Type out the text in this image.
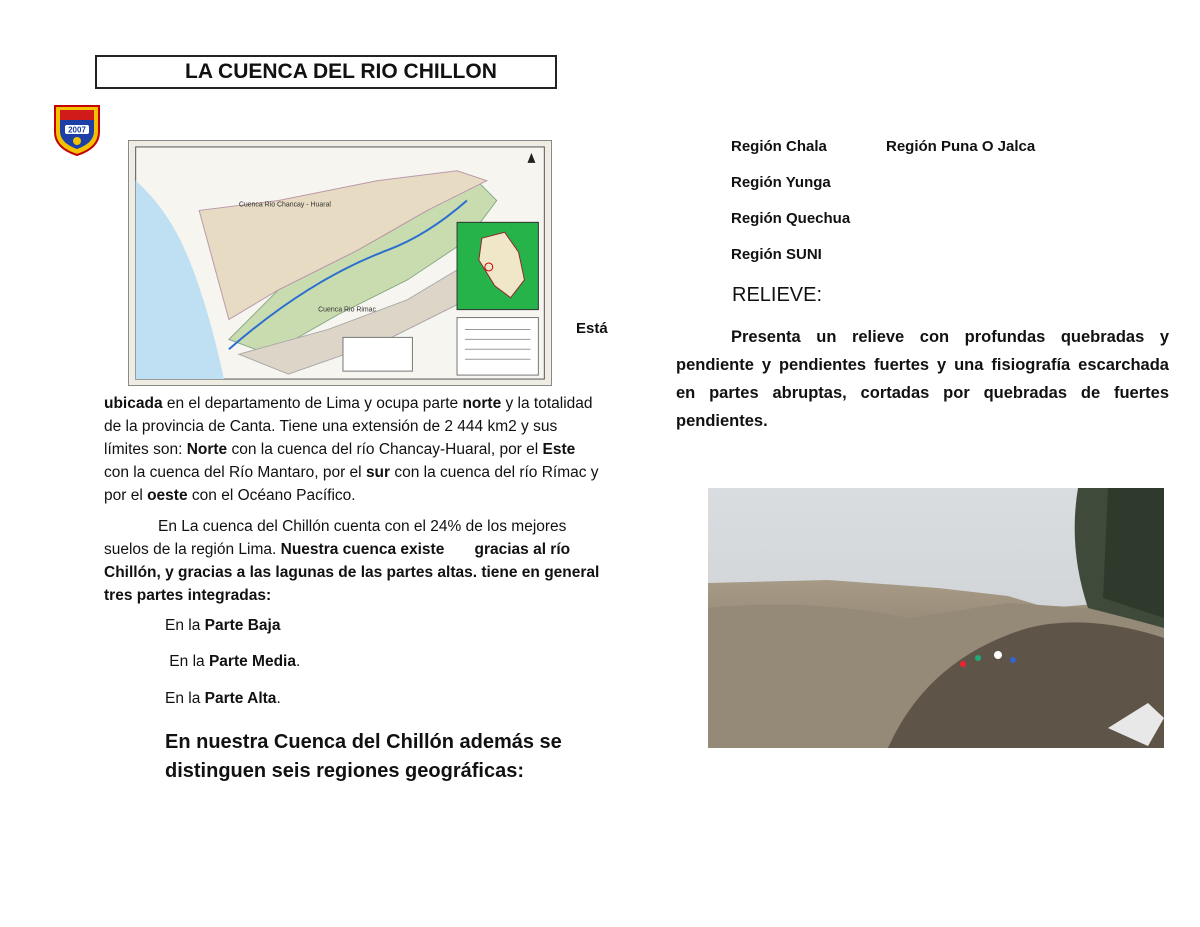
LA CUENCA DEL RIO CHILLON
2007
Cuenca Rio Chancay - Huaral
Cuenca Rio Rimac
Está
ubicada en el departamento de Lima y ocupa parte norte y la totalidad de la provincia de Canta. Tiene una extensión de 2 444 km2 y sus límites son: Norte con la cuenca del río Chancay-Huaral, por el Este con la cuenca del Río Mantaro, por el sur con la cuenca del río Rímac y por el oeste con el Océano Pacífico.
En La cuenca del Chillón cuenta con el 24% de los mejores suelos de la región Lima. Nuestra cuenca existe       gracias al río Chillón, y gracias a las lagunas de las partes altas. tiene en general tres partes integradas:
En la Parte Baja
En la Parte Media.
En la Parte Alta.
En nuestra Cuenca del Chillón además se distinguen seis regiones geográficas:
Región Chala	Región Puna O Jalca
Región Yunga
Región Quechua
Región SUNI
RELIEVE:
Presenta un relieve con profundas quebradas y pendiente y pendientes fuertes y una fisiografía escarchada en partes abruptas, cortadas por quebradas de fuertes pendientes.
